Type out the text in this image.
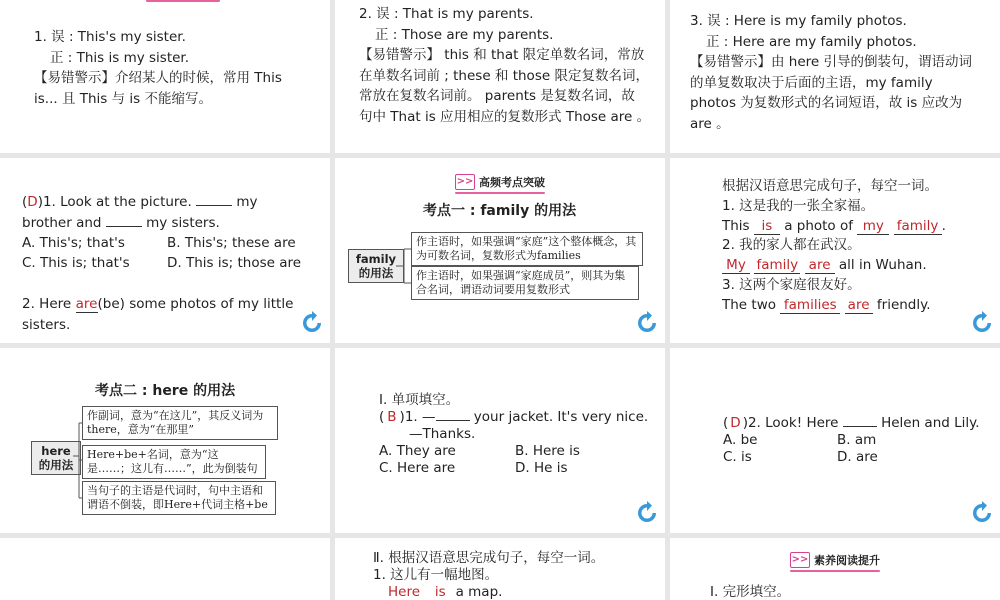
1. 误 : This's my sister.

正 : This is my sister.

【易错警示】介绍某人的时候，常用 This

is... 且 This 与 is 不能缩写。

2. 误 : That is my parents.

正 : Those are my parents.

【易错警示】 this 和 that 限定单数名词，常放

在单数名词前 ; these 和 those 限定复数名词，

常放在复数名词前。 parents 是复数名词，故

句中 That is 应用相应的复数形式 Those are 。

3. 误 : Here is my family photos.

正 : Here are my family photos.

【易错警示】由 here 引导的倒装句，谓语动词

的单复数取决于后面的主语，my family

photos 为复数形式的名词短语，故 is 应改为

are 。

(D)1. Look at the picture.	my

brother and	my sisters.

A. This's; that's	B. This's; these are
C. This is; that's	D. This is; those are

2. Here are(be) some photos of my little

sisters.

>> 高频考点突破
考点一 : family 的用法
family
的用法
作主语时，如果强调“家庭”这个整体概念，其为可数名词，复数形式为families
作主语时，如果强调“家庭成员”，则其为集合名词，谓语动词要用复数形式

根据汉语意思完成句子，每空一词。

1. 这是我的一张全家福。

This is a photo of my family .

2. 我的家人都在武汉。

My family are all in Wuhan.

3. 这两个家庭很友好。

The two families are friendly.

考点二 : here 的用法
here
的用法
作副词，意为“在这儿”，其反义词为there，意为“在那里”
Here+be+名词，意为“这是……；这儿有……”，此为倒装句
当句子的主语是代词时，句中主语和谓语不倒装，即Here+代词主格+be

Ⅰ. 单项填空。

( B )1. —	your jacket. It's very nice.

—Thanks.

A. They are	B. Here is
C. Here are	D. He is

( D )2. Look! Here	Helen and Lily.

A. be	B. am
C. is	D. are

Ⅱ. 根据汉语意思完成句子，每空一词。

1. 这儿有一幅地图。

Here is a map.

>> 素养阅读提升
Ⅰ. 完形填空。
